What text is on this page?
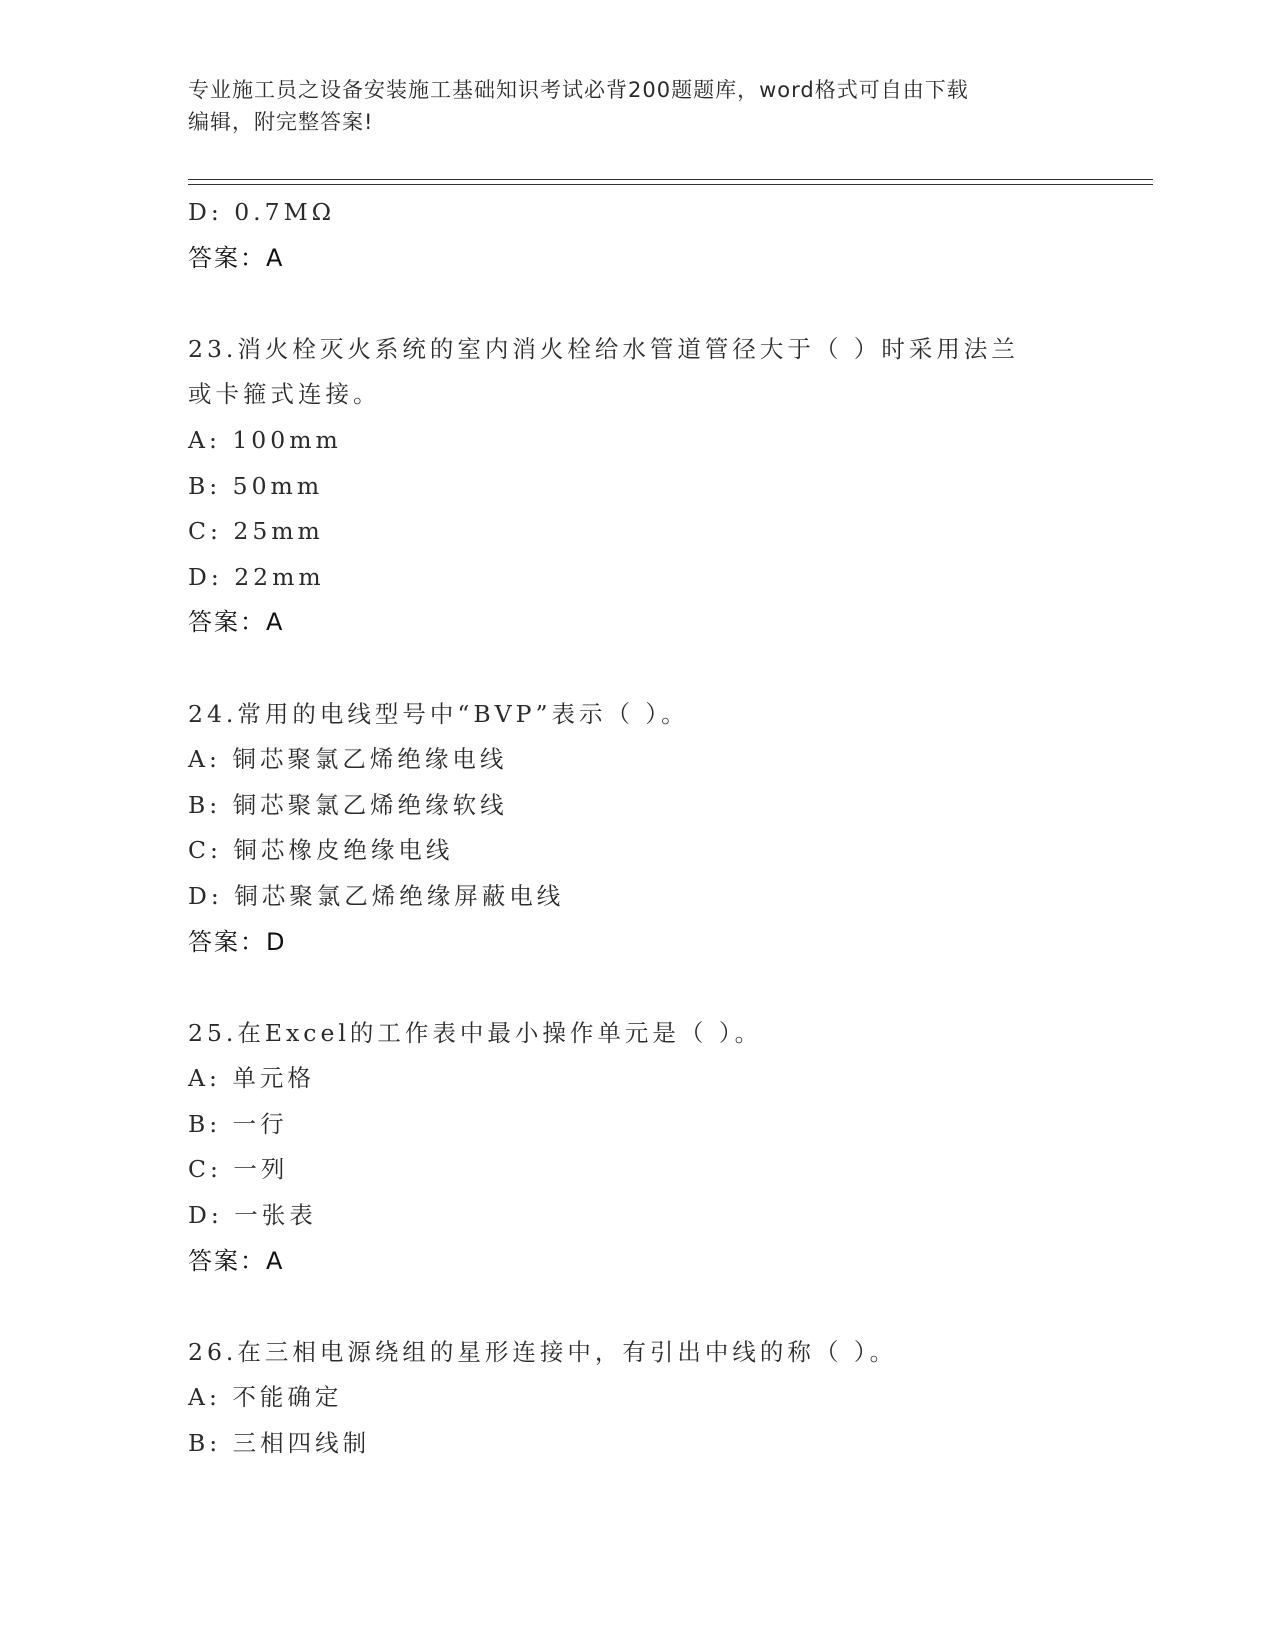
专业施工员之设备安装施工基础知识考试必背200题题库，word格式可自由下载
编辑，附完整答案!
D: 0.7MΩ
答案：A
23.消火栓灭火系统的室内消火栓给水管道管径大于（ ）时采用法兰
或卡箍式连接。
A: 100mm
B: 50mm
C: 25mm
D: 22mm
答案：A
24.常用的电线型号中“BVP”表示（ ）。
A: 铜芯聚氯乙烯绝缘电线
B: 铜芯聚氯乙烯绝缘软线
C: 铜芯橡皮绝缘电线
D: 铜芯聚氯乙烯绝缘屏蔽电线
答案：D
25.在Excel的工作表中最小操作单元是（ ）。
A: 单元格
B: 一行
C: 一列
D: 一张表
答案：A
26.在三相电源绕组的星形连接中，有引出中线的称（ ）。
A: 不能确定
B: 三相四线制
